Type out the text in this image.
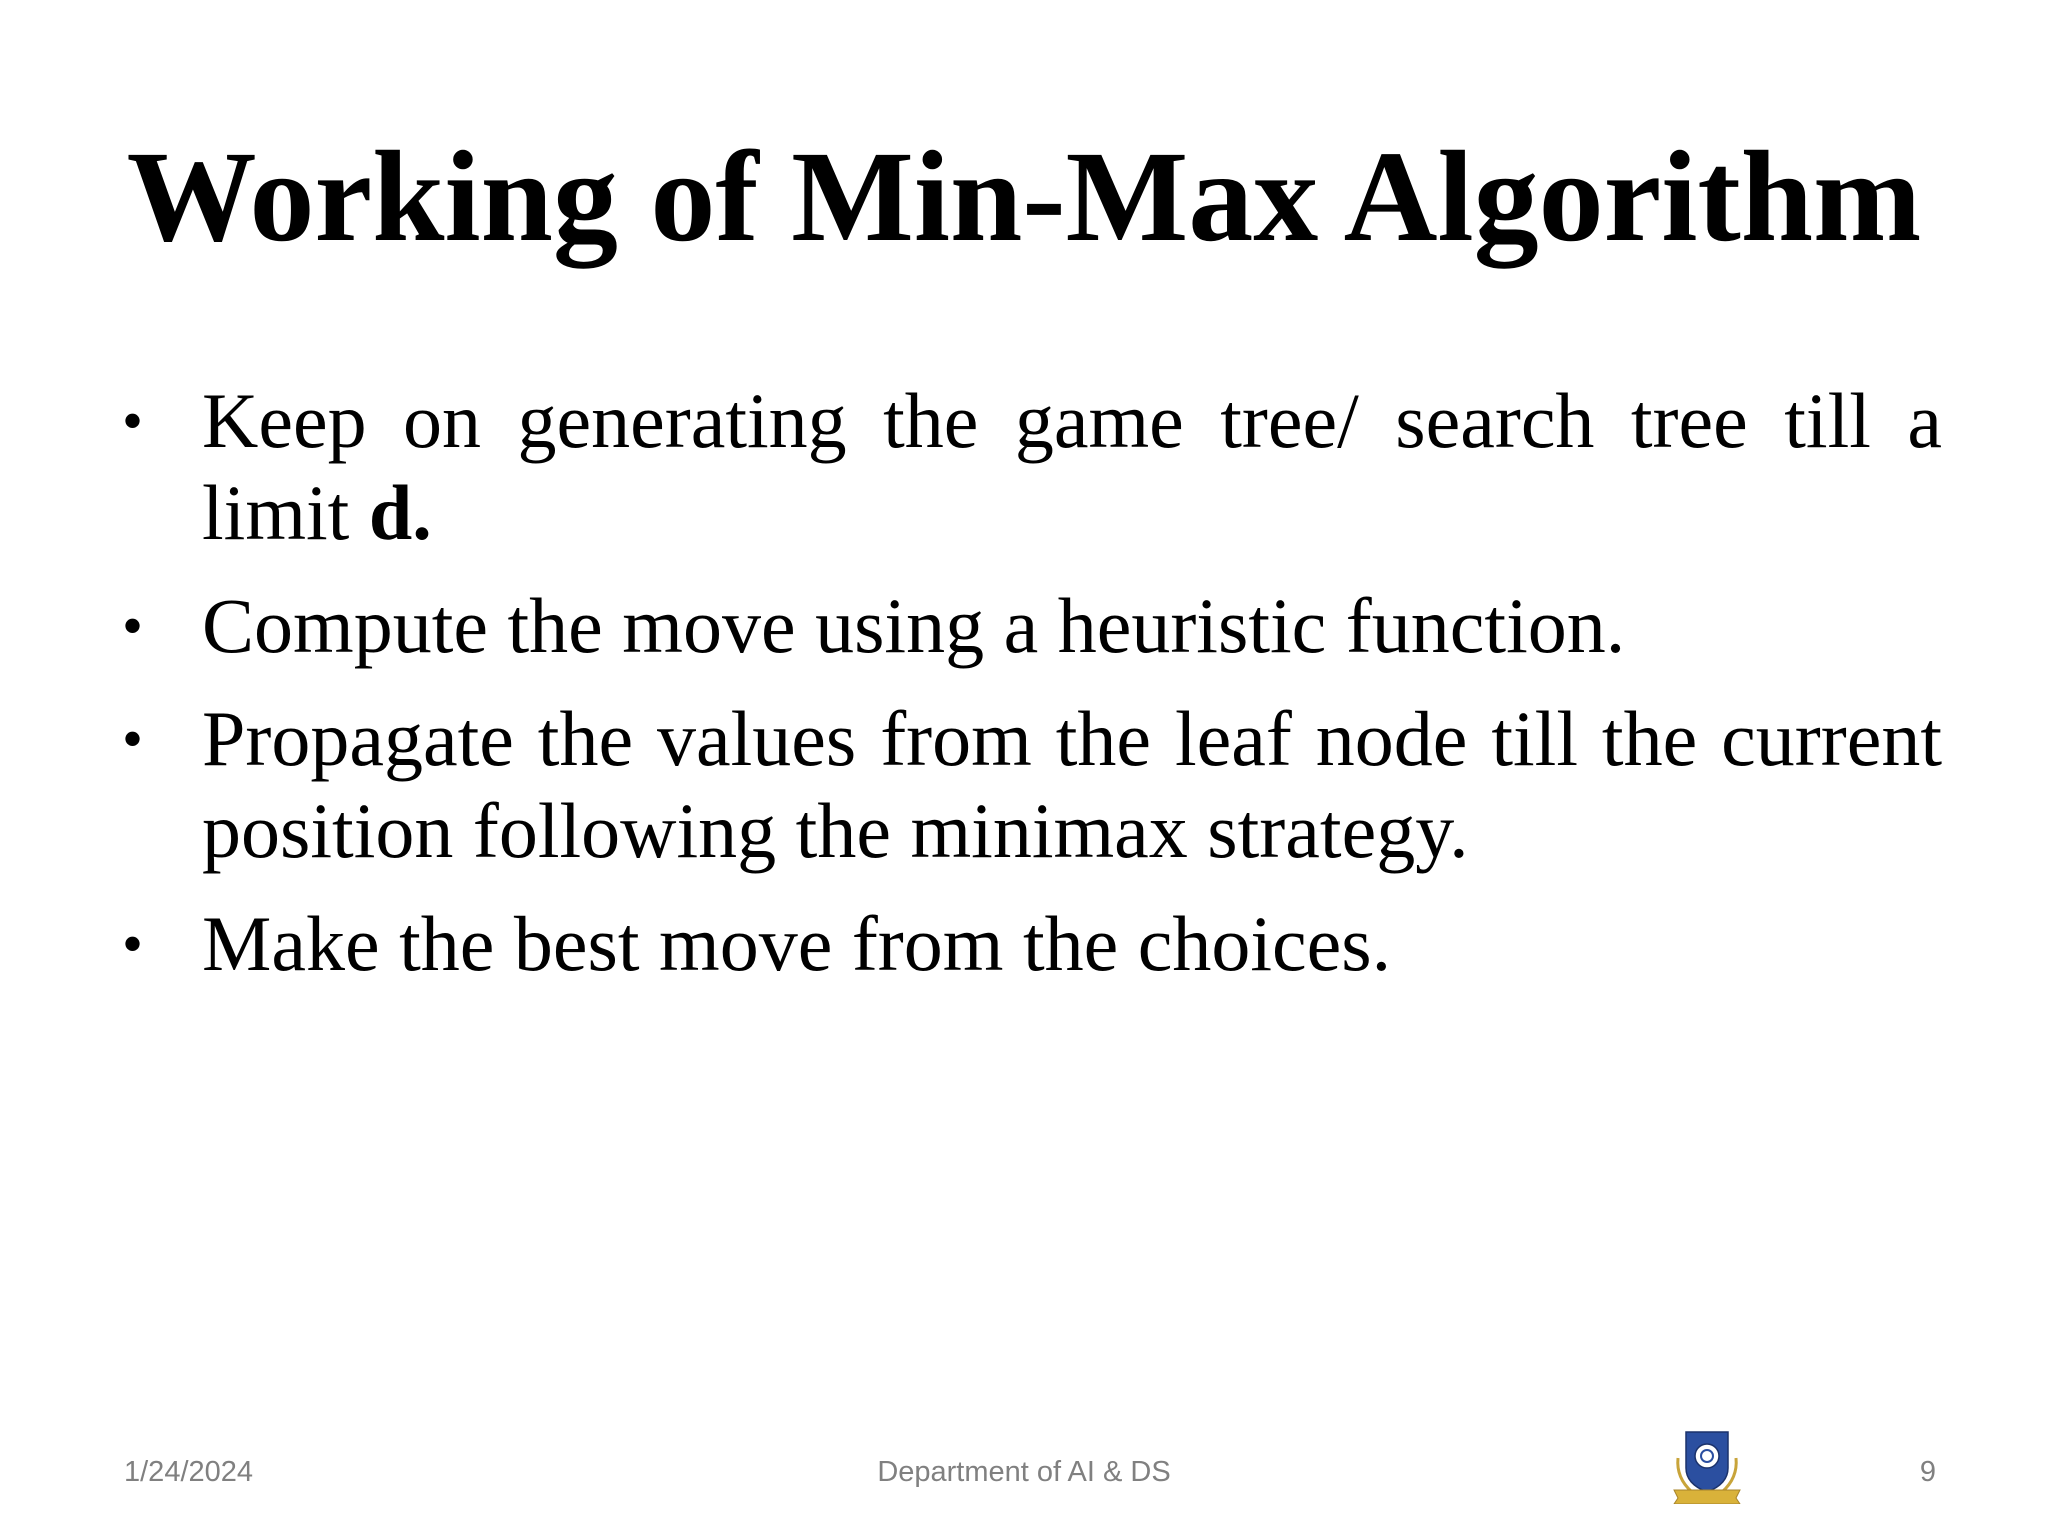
Working of Min-Max Algorithm
• Keep on generating the game tree/ search tree till a limit d.
• Compute the move using a heuristic function.
• Propagate the values from the leaf node till the current position following the minimax strategy.
• Make the best move from the choices.
1/24/2024	Department of AI & DS	9
